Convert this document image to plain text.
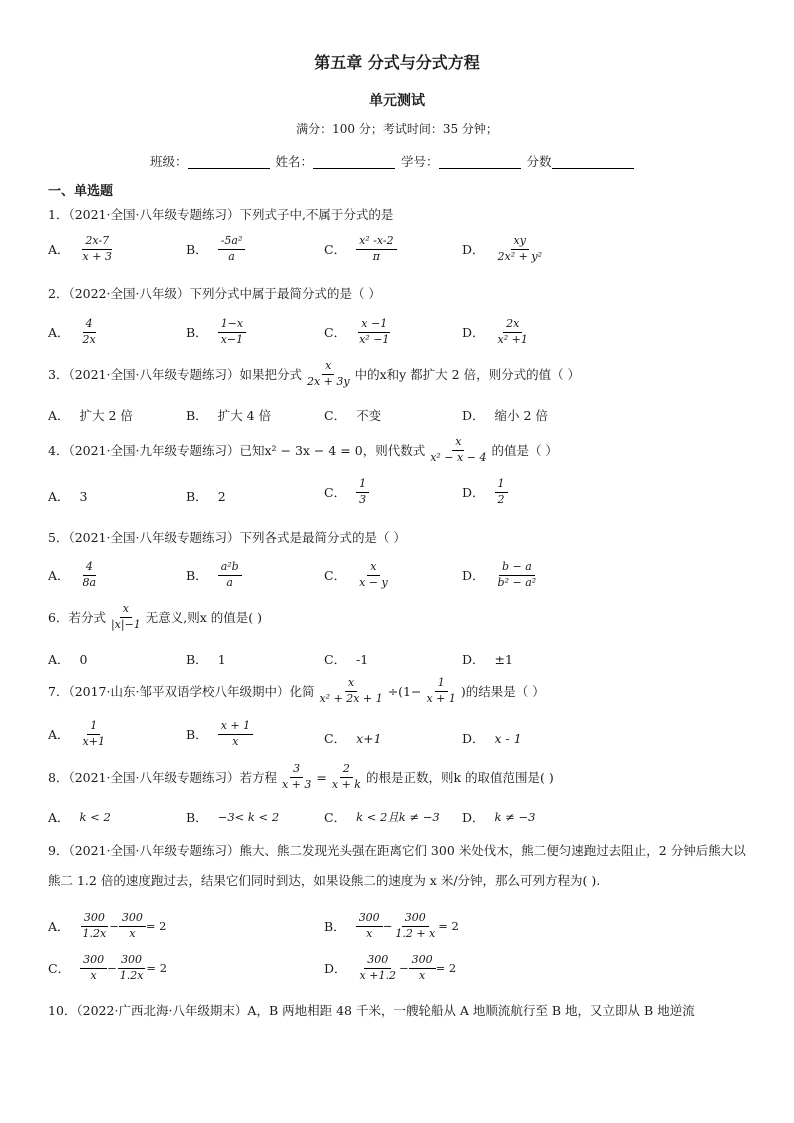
第五章 分式与分式方程
单元测试
满分：100 分；考试时间：35 分钟；
班级：	姓名：	学号：	分数
一、单选题
1．（2021·全国·八年级专题练习）下列式子中,不属于分式的是
A． $\frac{2x-7}{x + 3}$	B． $\frac{\text{-5a²}}{a}$	C． $\frac{\text{x² -x-2}}{\pi}$	D． $\frac{xy}{\text{2x² + y²}}$
2．（2022·全国·八年级）下列分式中属于最简分式的是（ ）
A． $\frac{4}{2x}$	B． $\frac{1-x}{x-1}$	C． $\frac{x -1}{\text{x² −1}}$	D． $\frac{2x}{\text{x² +1}}$
3．（2021·全国·八年级专题练习）如果把分式 $\frac{x}{2x + 3y}$ 中的x和y 都扩大 2 倍，则分式的值（ ）
A． 扩大 2 倍	B． 扩大 4 倍	C． 不变	D． 缩小 2 倍
4．（2021·全国·九年级专题练习）已知x² − 3x − 4 = 0，则代数式 $\frac{x}{\text{x² − x − 4}}$ 的值是（ ）
A． 3	B． 2	C． $\frac{1}{3}$	D． $\frac{1}{2}$
5．（2021·全国·八年级专题练习）下列各式是最简分式的是（ ）
A． $\frac{4}{8a}$	B． $\frac{\text{a²b}}{a}$	C． $\frac{x}{x - y}$	D． $\frac{b - a}{\text{b² − a²}}$
6．若分式 $\frac{x}{|x|-1}$ 无意义,则x 的值是( )
A． 0	B． 1	C． -1	D． ±1
7．（2017·山东·邹平双语学校八年级期中）化简 $\frac{x}{\text{x² + 2x + 1}} \div(1- \frac{1}{x + 1}$ )的结果是（ ）
A． $\frac{1}{x+1}$	B． $\frac{x + 1}{x}$	C． x+1	D． x - 1
8．（2021·全国·八年级专题练习）若方程 $\frac{3}{x + 3} = \frac{2}{x + k}$ 的根是正数，则k 的取值范围是( )
A． k < 2	B． −3< k < 2	C． k < 2且k ≠ −3 D． k ≠ −3
9．（2021·全国·八年级专题练习）熊大、熊二发现光头强在距离它们 300 米处伐木，熊二便匀速跑过去阻止，2 分钟后熊大以熊二 1.2 倍的速度跑过去，结果它们同时到达，如果设熊二的速度为 x 米/分钟，那么可列方程为( ).
A． $\frac{300}{1.2x} - \frac{300}{x} = 2$	B． $\frac{300}{x} - \frac{300}{1.2 + x} = 2$
C． $\frac{300}{x} - \frac{300}{1.2x} = 2$	D． $\frac{300}{x +1.2} - \frac{300}{x} = 2$
10．（2022·广西北海·八年级期末）A，B 两地相距 48 千米，一艘轮船从 A 地顺流航行至 B 地，又立即从 B 地逆流
